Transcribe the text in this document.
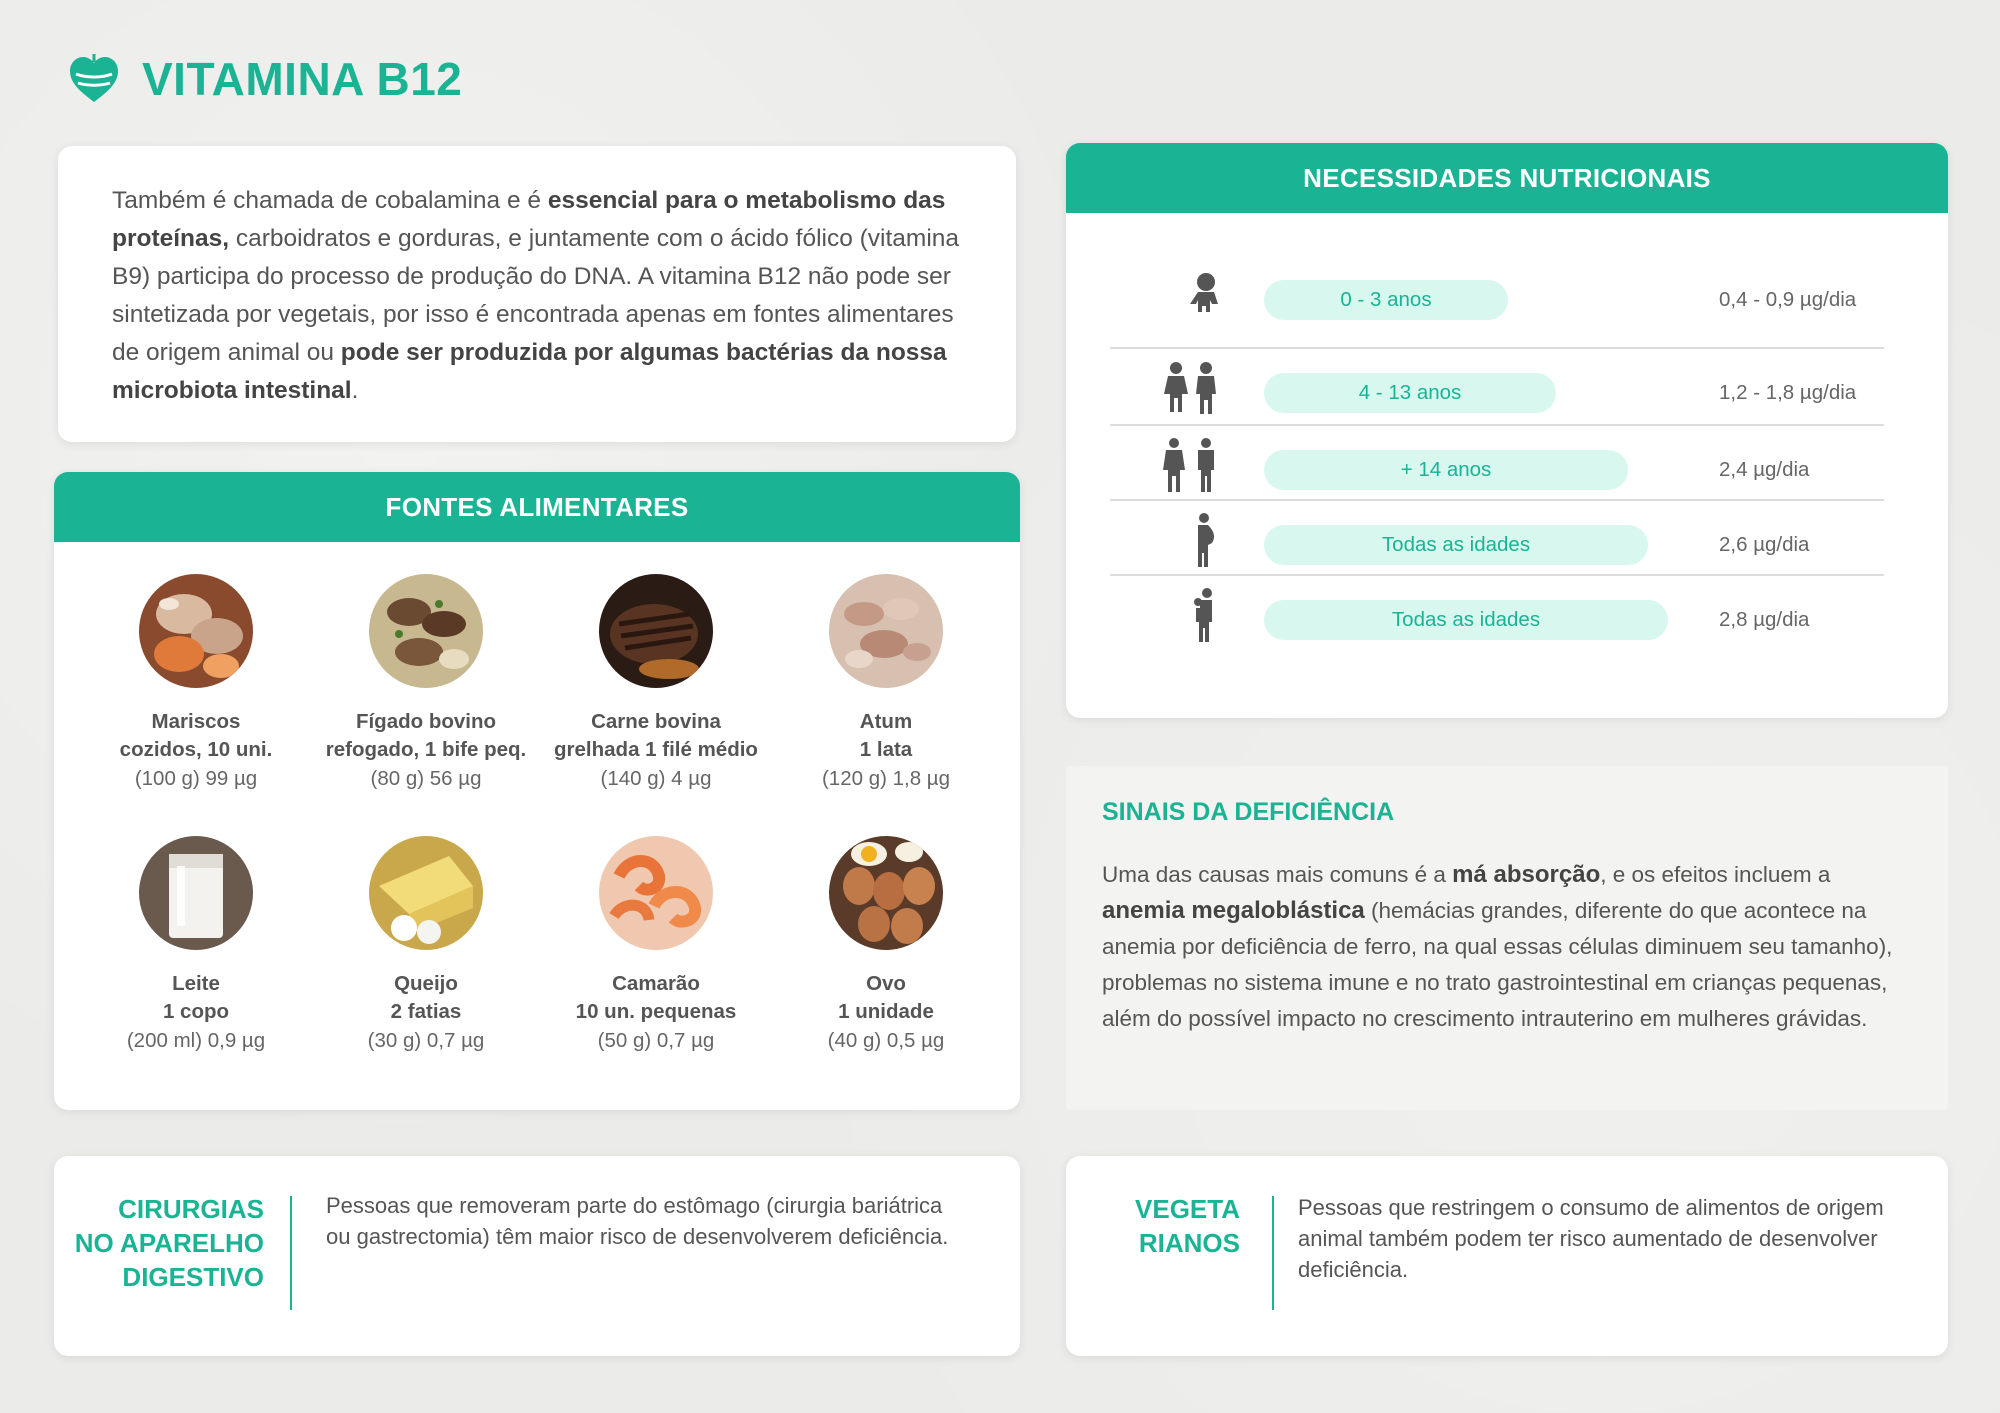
VITAMINA B12

Também é chamada de cobalamina e é essencial para o metabolismo das proteínas, carboidratos e gorduras, e juntamente com o ácido fólico (vitamina B9) participa do processo de produção do DNA. A vitamina B12 não pode ser sintetizada por vegetais, por isso é encontrada apenas em fontes alimentares de origem animal ou pode ser produzida por algumas bactérias da nossa microbiota intestinal.

FONTES ALIMENTARES
Mariscos
cozidos, 10 uni.
(100 g) 99 µg
Fígado bovino
refogado, 1 bife peq.
(80 g) 56 µg
Carne bovina
grelhada 1 filé médio
(140 g) 4 µg
Atum
1 lata
(120 g) 1,8 µg
Leite
1 copo
(200 ml) 0,9 µg
Queijo
2 fatias
(30 g) 0,7 µg
Camarão
10 un. pequenas
(50 g) 0,7 µg
Ovo
1 unidade
(40 g) 0,5 µg
NECESSIDADES NUTRICIONAIS
0 - 3 anos	0,4 - 0,9 µg/dia
4 - 13 anos	1,2 - 1,8 µg/dia
+ 14 anos	2,4 µg/dia
Todas as idades	2,6 µg/dia
Todas as idades	2,8 µg/dia
SINAIS DA DEFICIÊNCIA

Uma das causas mais comuns é a má absorção, e os efeitos incluem a anemia megaloblástica (hemácias grandes, diferente do que acontece na anemia por deficiência de ferro, na qual essas células diminuem seu tamanho), problemas no sistema imune e no trato gastrointestinal em crianças pequenas, além do possível impacto no crescimento intrauterino em mulheres grávidas.

CIRURGIAS
NO APARELHO
DIGESTIVO
Pessoas que removeram parte do estômago (cirurgia bariátrica ou gastrectomia) têm maior risco de desenvolverem deficiência.
VEGETA
RIANOS
Pessoas que restringem o consumo de alimentos de origem animal também podem ter risco aumentado de desenvolver deficiência.
